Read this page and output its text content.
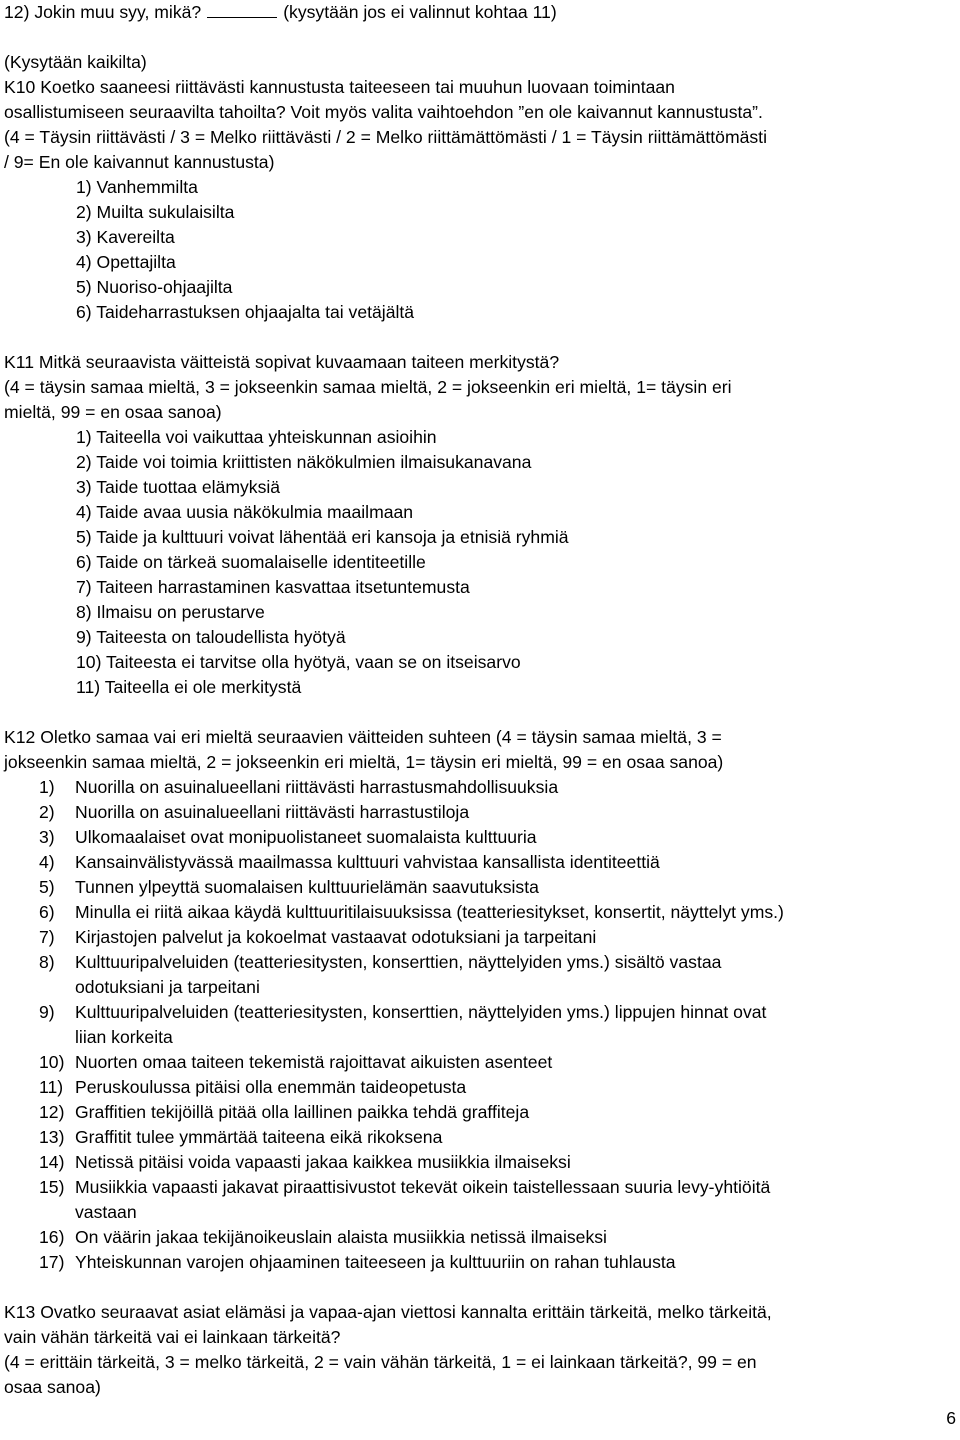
12) Jokin muu syy, mikä?	(kysytään jos ei valinnut kohtaa 11)
(Kysytään kaikilta)
K10 Koetko saaneesi riittävästi kannustusta taiteeseen tai muuhun luovaan toimintaan
osallistumiseen seuraavilta tahoilta? Voit myös valita vaihtoehdon ”en ole kaivannut kannustusta”.
(4 = Täysin riittävästi / 3 = Melko riittävästi / 2 = Melko riittämättömästi / 1 = Täysin riittämättömästi
/ 9= En ole kaivannut kannustusta)
1) Vanhemmilta
2) Muilta sukulaisilta
3) Kavereilta
4) Opettajilta
5) Nuoriso-ohjaajilta
6) Taideharrastuksen ohjaajalta tai vetäjältä
K11 Mitkä seuraavista väitteistä sopivat kuvaamaan taiteen merkitystä?
(4 = täysin samaa mieltä, 3 = jokseenkin samaa mieltä, 2 = jokseenkin eri mieltä, 1= täysin eri
mieltä, 99 = en osaa sanoa)
1) Taiteella voi vaikuttaa yhteiskunnan asioihin
2) Taide voi toimia kriittisten näkökulmien ilmaisukanavana
3) Taide tuottaa elämyksiä
4) Taide avaa uusia näkökulmia maailmaan
5) Taide ja kulttuuri voivat lähentää eri kansoja ja etnisiä ryhmiä
6) Taide on tärkeä suomalaiselle identiteetille
7) Taiteen harrastaminen kasvattaa itsetuntemusta
8) Ilmaisu on perustarve
9) Taiteesta on taloudellista hyötyä
10) Taiteesta ei tarvitse olla hyötyä, vaan se on itseisarvo
11) Taiteella ei ole merkitystä
K12 Oletko samaa vai eri mieltä seuraavien väitteiden suhteen (4 = täysin samaa mieltä, 3 =
jokseenkin samaa mieltä, 2 = jokseenkin eri mieltä, 1= täysin eri mieltä, 99 = en osaa sanoa)
1) Nuorilla on asuinalueellani riittävästi harrastusmahdollisuuksia
2) Nuorilla on asuinalueellani riittävästi harrastustiloja
3) Ulkomaalaiset ovat monipuolistaneet suomalaista kulttuuria
4) Kansainvälistyvässä maailmassa kulttuuri vahvistaa kansallista identiteettiä
5) Tunnen ylpeyttä suomalaisen kulttuurielämän saavutuksista
6) Minulla ei riitä aikaa käydä kulttuuritilaisuuksissa (teatteriesitykset, konsertit, näyttelyt yms.)
7) Kirjastojen palvelut ja kokoelmat vastaavat odotuksiani ja tarpeitani
8) Kulttuuripalveluiden (teatteriesitysten, konserttien, näyttelyiden yms.) sisältö vastaa
odotuksiani ja tarpeitani
9) Kulttuuripalveluiden (teatteriesitysten, konserttien, näyttelyiden yms.) lippujen hinnat ovat
liian korkeita
10) Nuorten omaa taiteen tekemistä rajoittavat aikuisten asenteet
11) Peruskoulussa pitäisi olla enemmän taideopetusta
12) Graffitien tekijöillä pitää olla laillinen paikka tehdä graffiteja
13) Graffitit tulee ymmärtää taiteena eikä rikoksena
14) Netissä pitäisi voida vapaasti jakaa kaikkea musiikkia ilmaiseksi
15) Musiikkia vapaasti jakavat piraattisivustot tekevät oikein taistellessaan suuria levy-yhtiöitä
vastaan
16) On väärin jakaa tekijänoikeuslain alaista musiikkia netissä ilmaiseksi
17) Yhteiskunnan varojen ohjaaminen taiteeseen ja kulttuuriin on rahan tuhlausta
K13 Ovatko seuraavat asiat elämäsi ja vapaa-ajan viettosi kannalta erittäin tärkeitä, melko tärkeitä,
vain vähän tärkeitä vai ei lainkaan tärkeitä?
(4 = erittäin tärkeitä, 3 = melko tärkeitä, 2 = vain vähän tärkeitä, 1 = ei lainkaan tärkeitä?, 99 = en
osaa sanoa)
6
